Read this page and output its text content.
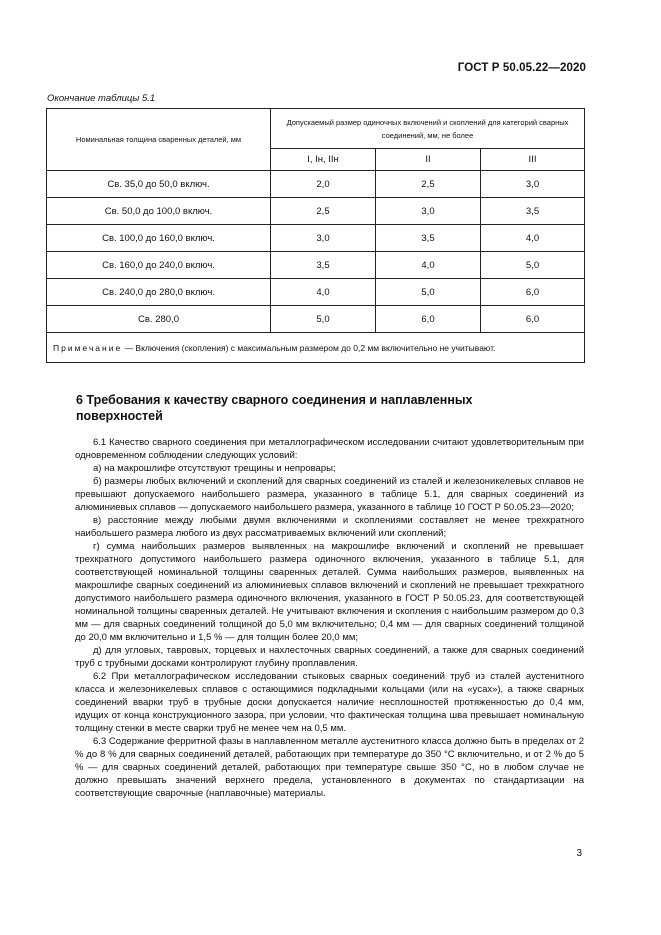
ГОСТ Р 50.05.22—2020
Окончание таблицы 5.1
Номинальная толщина сваренных деталей, мм	Допускаемый размер одиночных включений и скоплений для категорий сварных соединений, мм, не более		
	I, Iн, IIн	II	III
Св. 35,0 до 50,0 включ.	2,0	2,5	3,0
Св. 50,0 до 100,0 включ.	2,5	3,0	3,5
Св. 100,0 до 160,0 включ.	3,0	3,5	4,0
Св. 160,0 до 240,0 включ.	3,5	4,0	5,0
Св. 240,0 до 280,0 включ.	4,0	5,0	6,0
Св. 280,0	5,0	6,0	6,0
Примечание — Включения (скопления) с максимальным размером до 0,2 мм включительно не учитывают.			
6 Требования к качеству сварного соединения и наплавленных поверхностей

6.1 Качество сварного соединения при металлографическом исследовании считают удовлетворительным при одновременном соблюдении следующих условий:

а) на макрошлифе отсутствуют трещины и непровары;

б) размеры любых включений и скоплений для сварных соединений из сталей и железоникелевых сплавов не превышают допускаемого наибольшего размера, указанного в таблице 5.1, для сварных соединений из алюминиевых сплавов — допускаемого наибольшего размера, указанного в таблице 10 ГОСТ Р 50.05.23—2020;

в) расстояние между любыми двумя включениями и скоплениями составляет не менее трехкратного наибольшего размера любого из двух рассматриваемых включений или скоплений;

г) сумма наибольших размеров выявленных на макрошлифе включений и скоплений не превышает трехкратного допустимого наибольшего размера одиночного включения, указанного в таблице 5.1, для соответствующей номинальной толщины сваренных деталей. Сумма наибольших размеров, выявленных на макрошлифе сварных соединений из алюминиевых сплавов включений и скоплений не превышает трехкратного допустимого наибольшего размера одиночного включения, указанного в ГОСТ Р 50.05.23, для соответствующей номинальной толщины сваренных деталей. Не учитывают включения и скопления с наибольшим размером до 0,3 мм — для сварных соединений толщиной до 5,0 мм включительно; 0,4 мм — для сварных соединений толщиной до 20,0 мм включительно и 1,5 % — для толщин более 20,0 мм;

д) для угловых, тавровых, торцевых и нахлесточных сварных соединений, а также для сварных соединений труб с трубными досками контролируют глубину проплавления.

6.2 При металлографическом исследовании стыковых сварных соединений труб из сталей аустенитного класса и железоникелевых сплавов с остающимися подкладными кольцами (или на «усах»), а также сварных соединений вварки труб в трубные доски допускается наличие несплошностей протяженностью до 0,4 мм, идущих от конца конструкционного зазора, при условии, что фактическая толщина шва превышает номинальную толщину стенки в месте сварки труб не менее чем на 0,5 мм.

6.3 Содержание ферритной фазы в наплавленном металле аустенитного класса должно быть в пределах от 2 % до 8 % для сварных соединений деталей, работающих при температуре до 350 °С включительно, и от 2 % до 5 % — для сварных соединений деталей, работающих при температуре свыше 350 °С, но в любом случае не должно превышать значений верхнего предела, установленного в документах по стандартизации на соответствующие сварочные (наплавочные) материалы.

3
